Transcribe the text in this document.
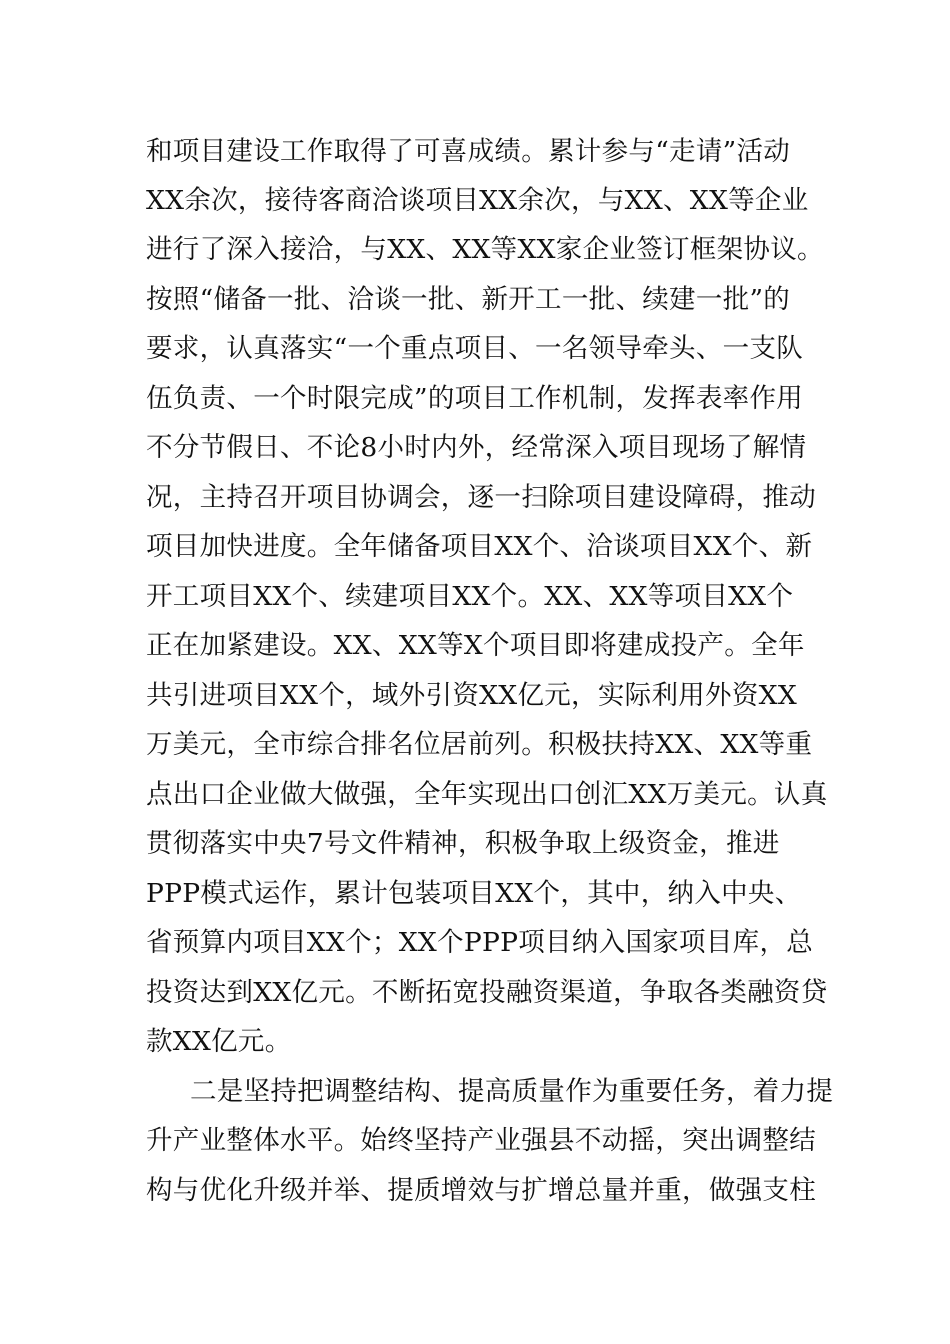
和项目建设工作取得了可喜成绩。累计参与“走请”活动
XX余次，接待客商洽谈项目XX余次，与XX、XX等企业
进行了深入接洽，与XX、XX等XX家企业签订框架协议。
按照“储备一批、洽谈一批、新开工一批、续建一批”的
要求，认真落实“一个重点项目、一名领导牵头、一支队
伍负责、一个时限完成”的项目工作机制，发挥表率作用
不分节假日、不论8小时内外，经常深入项目现场了解情
况，主持召开项目协调会，逐一扫除项目建设障碍，推动
项目加快进度。全年储备项目XX个、洽谈项目XX个、新
开工项目XX个、续建项目XX个。XX、XX等项目XX个
正在加紧建设。XX、XX等X个项目即将建成投产。全年
共引进项目XX个，域外引资XX亿元，实际利用外资XX
万美元，全市综合排名位居前列。积极扶持XX、XX等重
点出口企业做大做强，全年实现出口创汇XX万美元。认真
贯彻落实中央7号文件精神，积极争取上级资金，推进
PPP模式运作，累计包装项目XX个，其中，纳入中央、
省预算内项目XX个；XX个PPP项目纳入国家项目库，总
投资达到XX亿元。不断拓宽投融资渠道，争取各类融资贷
款XX亿元。
二是坚持把调整结构、提高质量作为重要任务，着力提
升产业整体水平。始终坚持产业强县不动摇，突出调整结
构与优化升级并举、提质增效与扩增总量并重，做强支柱
